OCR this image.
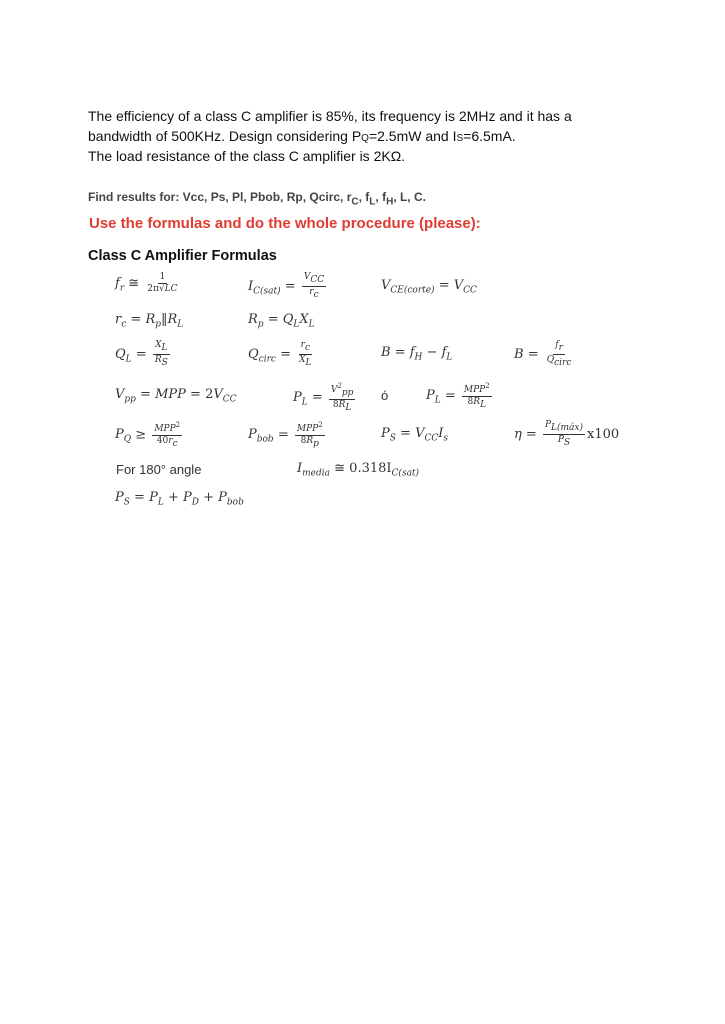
The efficiency of a class C amplifier is 85%, its frequency is 2MHz and it has a
bandwidth of 500KHz. Design considering PQ=2.5mW and IS=6.5mA.
The load resistance of the class C amplifier is 2KΩ.
Find results for: Vcc, Ps, Pl, Pbob, Rp, Qcirc, $r_C$, $f_L$, $f_H$, L, C.
Use the formulas and do the whole procedure (please):
Class C Amplifier Formulas
$f_r$ ≅ $\frac{1}{2\pi√LC}$	$I_{C(sat)} = \frac{V_{CC}}{r_c}$	$V_{CE(corte)} = V_{CC}$
$r_c$ = $R_p‖R_L$	$R_p = Q_LX_L$
$Q_L = \frac{X_L}{R_S}$	$Q_{circ} = \frac{r_c}{X_L}$	$B = f_H - f_L$	$B = \frac{f_r}{Q_{circ}}$
$V_{pp}$ = MPP = $2V_{CC}$	$P_L = \frac{V^2_{pp}}{8R_L}$ ó	$P_L = \frac{MPP^2}{8R_L}$
$P_Q \ge \frac{MPP^2}{40r_c}$	$P_{bob} = \frac{MPP^2}{8R_p}$	$P_S = V_{CC}I_s$	$\eta = \frac{P_{L(máx)}}{P_S} x100$
For 180° angle	$I_{media}$ ≅ $0.318I_{C(sat)}$
$P_S = P_L + P_D + P_{bob}$
